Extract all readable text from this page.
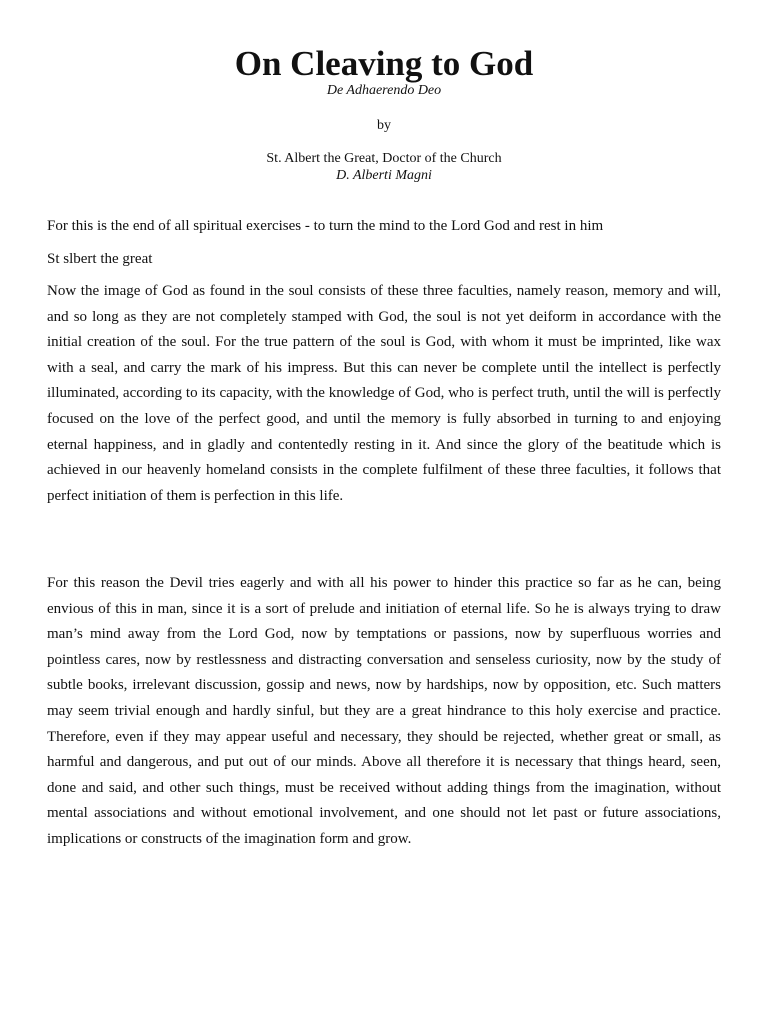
On Cleaving to God
De Adhaerendo Deo
by
St. Albert the Great, Doctor of the Church
D. Alberti Magni
For this is the end of all spiritual exercises - to turn the mind to the Lord God and rest in him
St slbert the great

Now the image of God as found in the soul consists of these three faculties, namely reason, memory and will, and so long as they are not completely stamped with God, the soul is not yet deiform in accordance with the initial creation of the soul. For the true pattern of the soul is God, with whom it must be imprinted, like wax with a seal, and carry the mark of his impress. But this can never be complete until the intellect is perfectly illuminated, according to its capacity, with the knowledge of God, who is perfect truth, until the will is perfectly focused on the love of the perfect good, and until the memory is fully absorbed in turning to and enjoying eternal happiness, and in gladly and contentedly resting in it. And since the glory of the beatitude which is achieved in our heavenly homeland consists in the complete fulfilment of these three faculties, it follows that perfect initiation of them is perfection in this life.

For this reason the Devil tries eagerly and with all his power to hinder this practice so far as he can, being envious of this in man, since it is a sort of prelude and initiation of eternal life. So he is always trying to draw man’s mind away from the Lord God, now by temptations or passions, now by superfluous worries and pointless cares, now by restlessness and distracting conversation and senseless curiosity, now by the study of subtle books, irrelevant discussion, gossip and news, now by hardships, now by opposition, etc. Such matters may seem trivial enough and hardly sinful, but they are a great hindrance to this holy exercise and practice. Therefore, even if they may appear useful and necessary, they should be rejected, whether great or small, as harmful and dangerous, and put out of our minds. Above all therefore it is necessary that things heard, seen, done and said, and other such things, must be received without adding things from the imagination, without mental associations and without emotional involvement, and one should not let past or future associations, implications or constructs of the imagination form and grow.
